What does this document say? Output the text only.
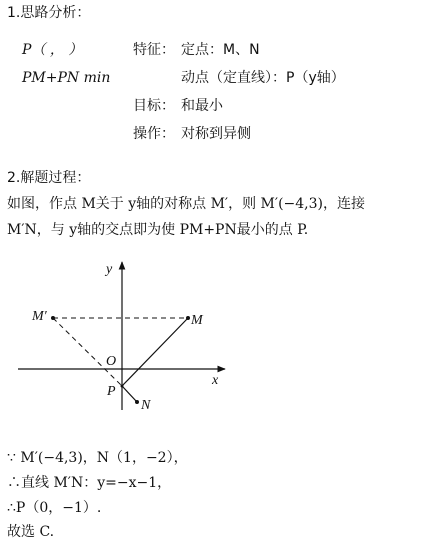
1.思路分析：
P（ ， ）	特征： 定点：M、N
PM+PN min	动点（定直线）：P（y轴）
目标： 和最小
操作： 对称到异侧
2.解题过程：
如图，作点 M关于 y轴的对称点 M′，则 M′(−4,3)，连接
M′N，与 y轴的交点即为使 PM+PN最小的点 P.
y
x
O
M
M′
N
P
∵ M′(−4,3)，N（1，−2），
∴直线 M′N：y=−x−1，
∴P（0，−1）.
故选 C.
